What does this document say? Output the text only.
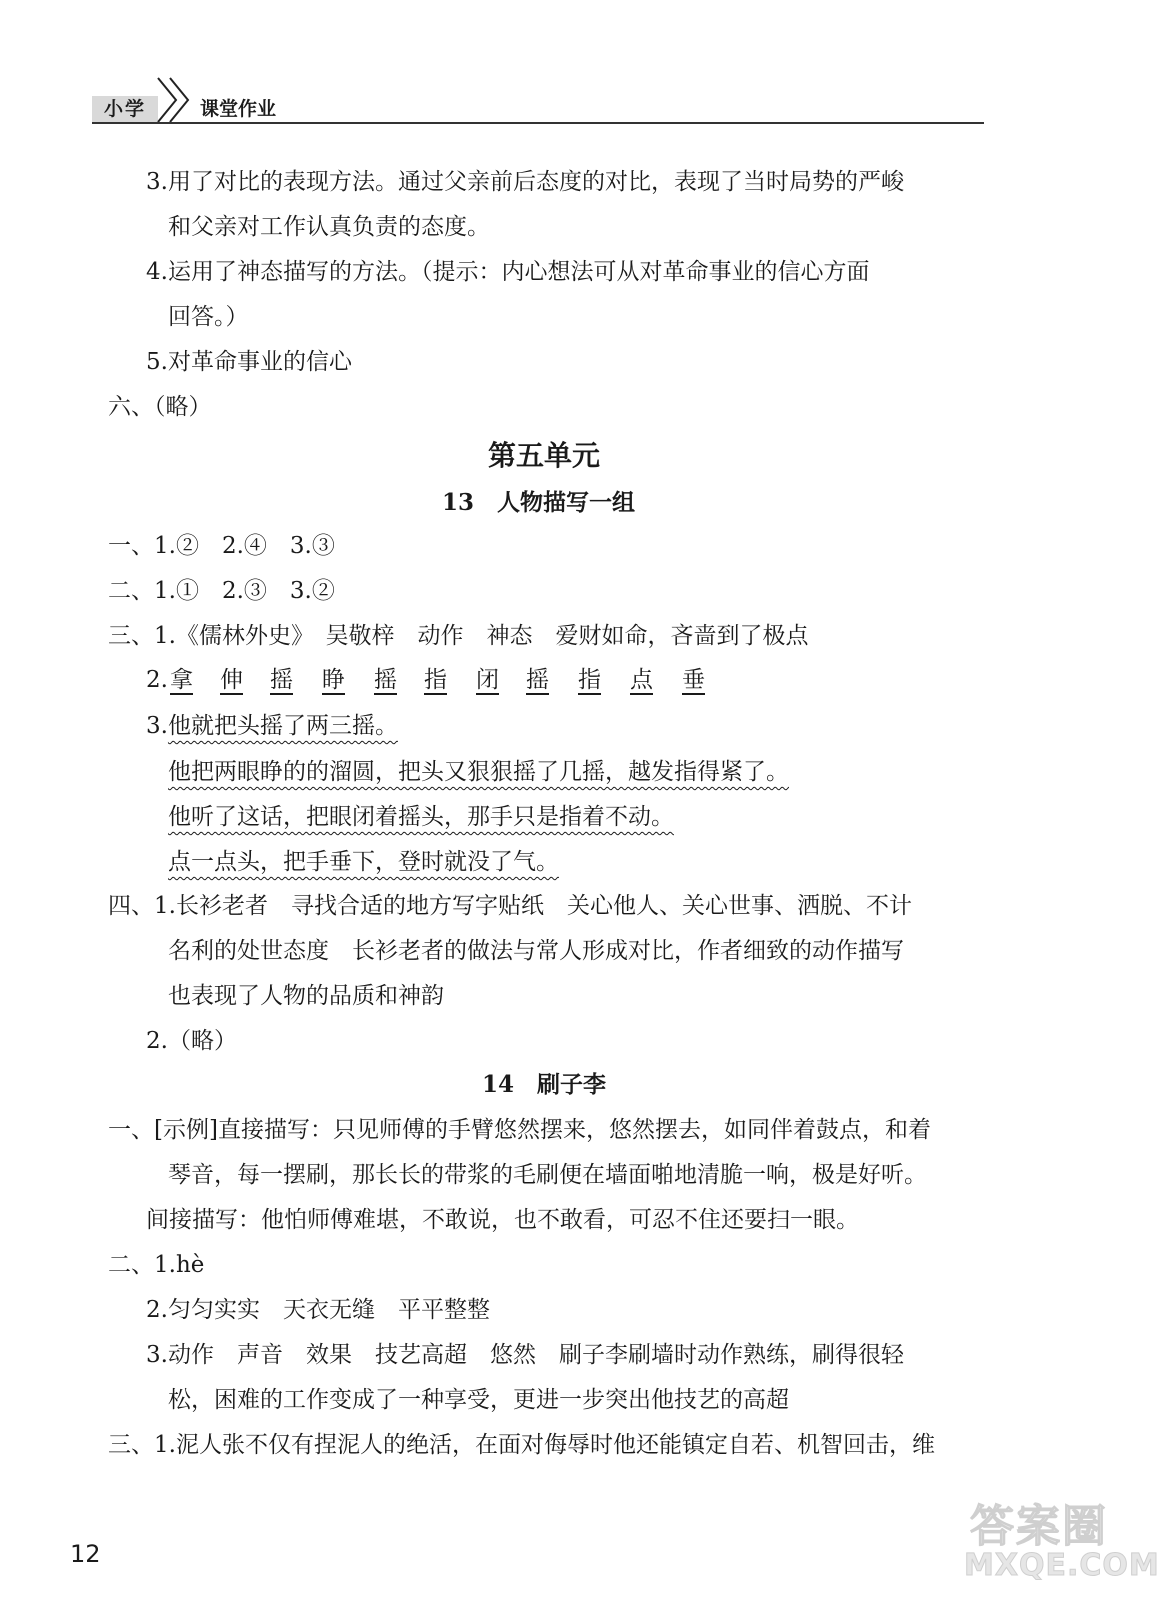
小学	课堂作业
3.用了对比的表现方法。通过父亲前后态度的对比，表现了当时局势的严峻
和父亲对工作认真负责的态度。
4.运用了神态描写的方法。（提示：内心想法可从对革命事业的信心方面
回答。）
5.对革命事业的信心
六、（略）
第五单元
13　人物描写一组
一、1.②　2.④　3.③
二、1.①　2.③　3.②
三、1.《儒林外史》　吴敬梓　动作　神态　爱财如命，吝啬到了极点
2. 拿 伸 摇 睁 摇 指 闭 摇 指 点 垂
3.他就把头摇了两三摇。
他把两眼睁的的溜圆，把头又狠狠摇了几摇，越发指得紧了。
他听了这话，把眼闭着摇头，那手只是指着不动。
点一点头，把手垂下，登时就没了气。
四、1.长衫老者　寻找合适的地方写字贴纸　关心他人、关心世事、洒脱、不计
名利的处世态度　长衫老者的做法与常人形成对比，作者细致的动作描写
也表现了人物的品质和神韵
2.（略）
14　刷子李
一、[示例]直接描写：只见师傅的手臂悠然摆来，悠然摆去，如同伴着鼓点，和着
琴音，每一摆刷，那长长的带浆的毛刷便在墙面啪地清脆一响，极是好听。
间接描写：他怕师傅难堪，不敢说，也不敢看，可忍不住还要扫一眼。
二、1.hè
2.匀匀实实　天衣无缝　平平整整
3.动作　声音　效果　技艺高超　悠然　刷子李刷墙时动作熟练，刷得很轻
松，困难的工作变成了一种享受，更进一步突出他技艺的高超
三、1.泥人张不仅有捏泥人的绝活，在面对侮辱时他还能镇定自若、机智回击，维
12
答案圈
MXQE.COM
